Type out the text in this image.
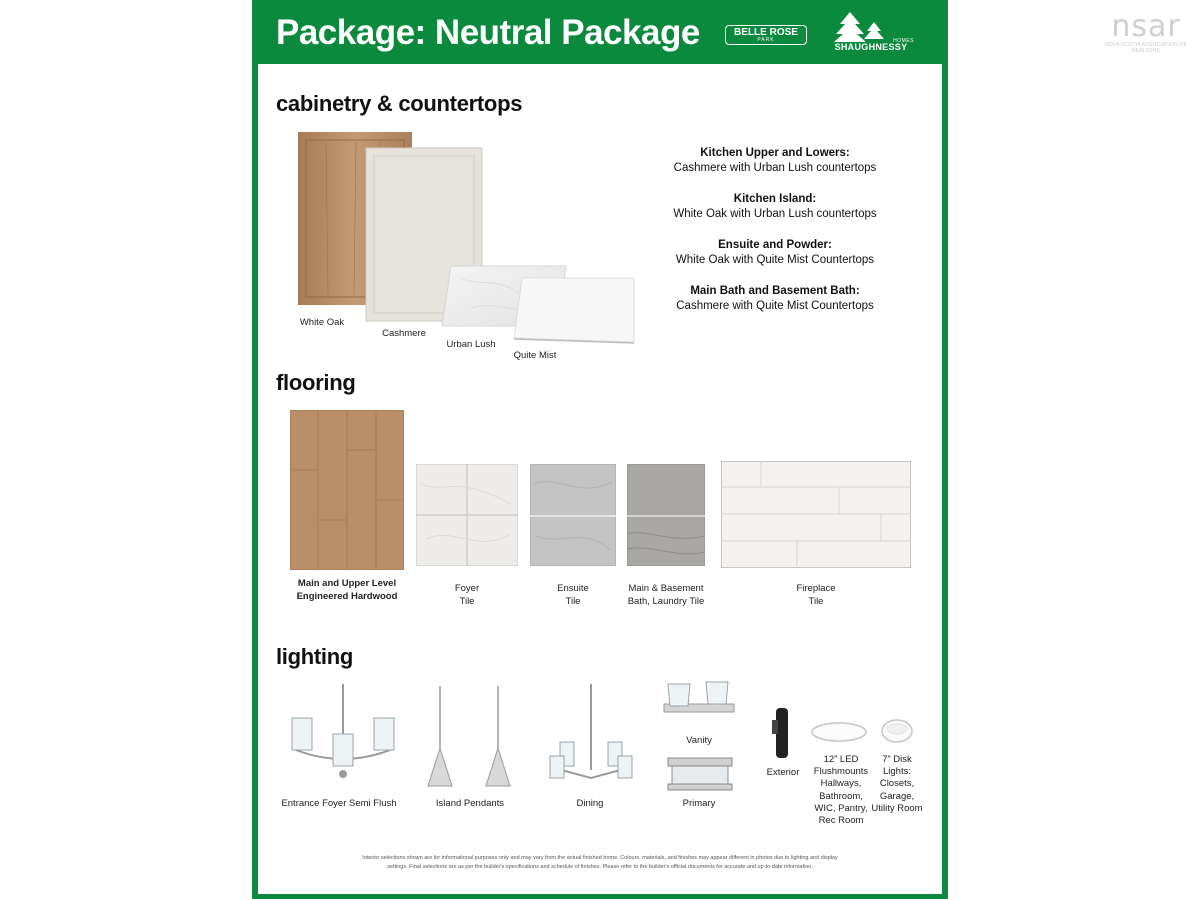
nsar
NOVA SCOTIA ASSOCIATION OF REALTORS
Package: Neutral Package	BELLE ROSE
PARK	HOMES
SHAUGHNESSY
cabinetry & countertops
White Oak
Cashmere
Urban Lush
Quite Mist
Kitchen Upper and Lowers:
Cashmere with Urban Lush countertops
Kitchen Island:
White Oak with Urban Lush countertops
Ensuite and Powder:
White Oak with Quite Mist Countertops
Main Bath and Basement Bath:
Cashmere with Quite Mist Countertops
flooring
Main and Upper Level
Engineered Hardwood
Foyer
Tile
Ensuite
Tile
Main & Basement
Bath, Laundry Tile
Fireplace
Tile
lighting
Entrance Foyer Semi Flush	Island Pendants	Dining
Vanity
Primary
Exterior
12” LED
Flushmounts
Hallways,
Bathroom,
WIC, Pantry,
Rec Room
7” Disk
Lights:
Closets,
Garage,
Utility Room
Interior selections shown are for informational purposes only and may vary from the actual finished home. Colours, materials, and finishes may appear different in photos due to lighting and display
settings. Final selections are as per the builder's specifications and schedule of finishes. Please refer to the builder's official documents for accurate and up-to-date information.
